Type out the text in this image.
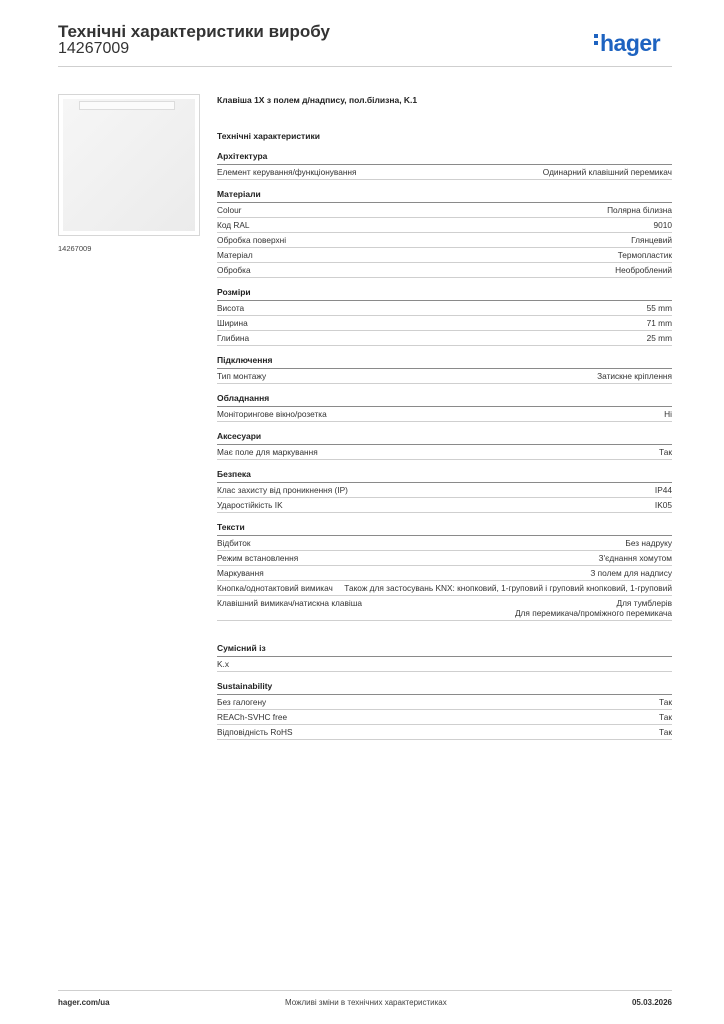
Технічні характеристики виробу
14267009	hager
14267009
Клавіша 1X з полем д/надпису, пол.білизна, K.1
Технічні характеристики
Архітектура
Елемент керування/функціонування	Одинарний клавішний перемикач
Матеріали
Colour	Полярна білизна
Код RAL	9010
Обробка поверхні	Глянцевий
Матеріал	Термопластик
Обробка	Необроблений
Розміри
Висота	55 mm
Ширина	71 mm
Глибина	25 mm
Підключення
Тип монтажу	Затискне кріплення
Обладнання
Моніторингове вікно/розетка	Ні
Аксесуари
Має поле для маркування	Так
Безпека
Клас захисту від проникнення (IP)	IP44
Ударостійкість IK	IK05
Тексти
Відбиток	Без надруку
Режим встановлення	З'єднання хомутом
Маркування	З полем для надпису
Кнопка/однотактовий вимикач	Також для застосувань KNX: кнопковий, 1-груповий і груповий кнопковий, 1-груповий
Клавішний вимикач/натискна клавіша	Для тумблерів
Для перемикача/проміжного перемикача
Сумісний із
K.x
Sustainability
Без галогену	Так
REACh-SVHC free	Так
Відповідність RoHS	Так
hager.com/ua	Можливі зміни в технічних характеристиках	05.03.2026
